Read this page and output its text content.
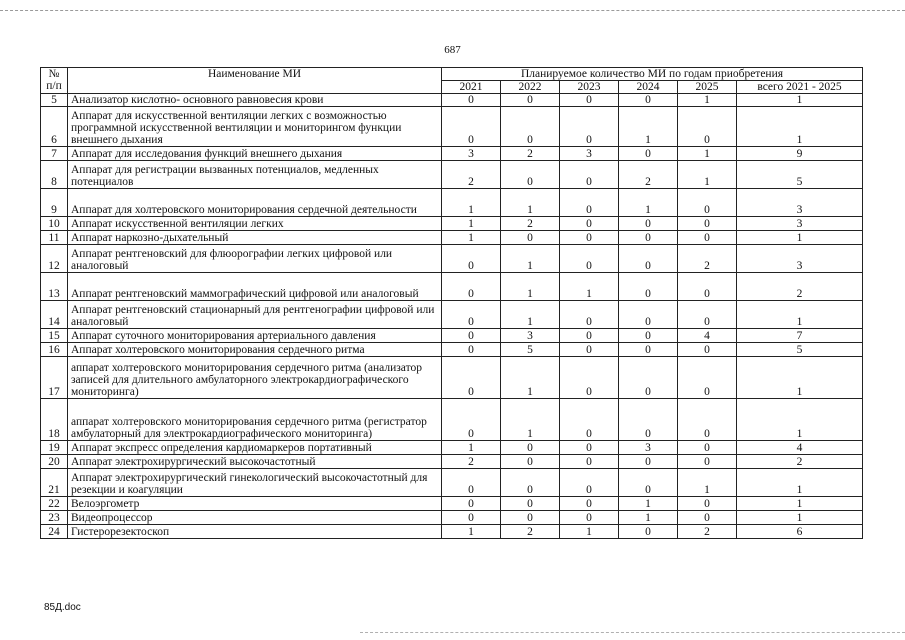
687
№ п/п	Наименование МИ	Планируемое количество МИ по годам приобретения					
		2021	2022	2023	2024	2025	всего 2021 - 2025
5	Анализатор кислотно- основного равновесия крови	0	0	0	0	1	1
6	Аппарат для искусственной вентиляции легких с возможностью программной искусственной вентиляции и мониторингом функции внешнего дыхания	0	0	0	1	0	1
7	Аппарат для исследования функций внешнего дыхания	3	2	3	0	1	9
8	Аппарат для регистрации вызванных потенциалов, медленных потенциалов	2	0	0	2	1	5
9	Аппарат для холтеровского мониторирования сердечной деятельности	1	1	0	1	0	3
10	Аппарат искусственной вентиляции легких	1	2	0	0	0	3
11	Аппарат наркозно-дыхательный	1	0	0	0	0	1
12	Аппарат рентгеновский для флюорографии легких цифровой или аналоговый	0	1	0	0	2	3
13	Аппарат рентгеновский маммографический цифровой или аналоговый	0	1	1	0	0	2
14	Аппарат рентгеновский стационарный для рентгенографии цифровой или аналоговый	0	1	0	0	0	1
15	Аппарат суточного мониторирования артериального давления	0	3	0	0	4	7
16	Аппарат холтеровского мониторирования сердечного ритма	0	5	0	0	0	5
17	аппарат холтеровского мониторирования сердечного ритма (анализатор записей для длительного амбулаторного электрокардиографического мониторинга)	0	1	0	0	0	1
18	аппарат холтеровского мониторирования сердечного ритма (регистратор амбулаторный для электрокардиографического мониторинга)	0	1	0	0	0	1
19	Аппарат экспресс определения кардиомаркеров портативный	1	0	0	3	0	4
20	Аппарат электрохирургический высокочастотный	2	0	0	0	0	2
21	Аппарат электрохирургический гинекологический высокочастотный для резекции и коагуляции	0	0	0	0	1	1
22	Велоэргометр	0	0	0	1	0	1
23	Видеопроцессор	0	0	0	1	0	1
24	Гистерорезектоскоп	1	2	1	0	2	6
85Д.doc
